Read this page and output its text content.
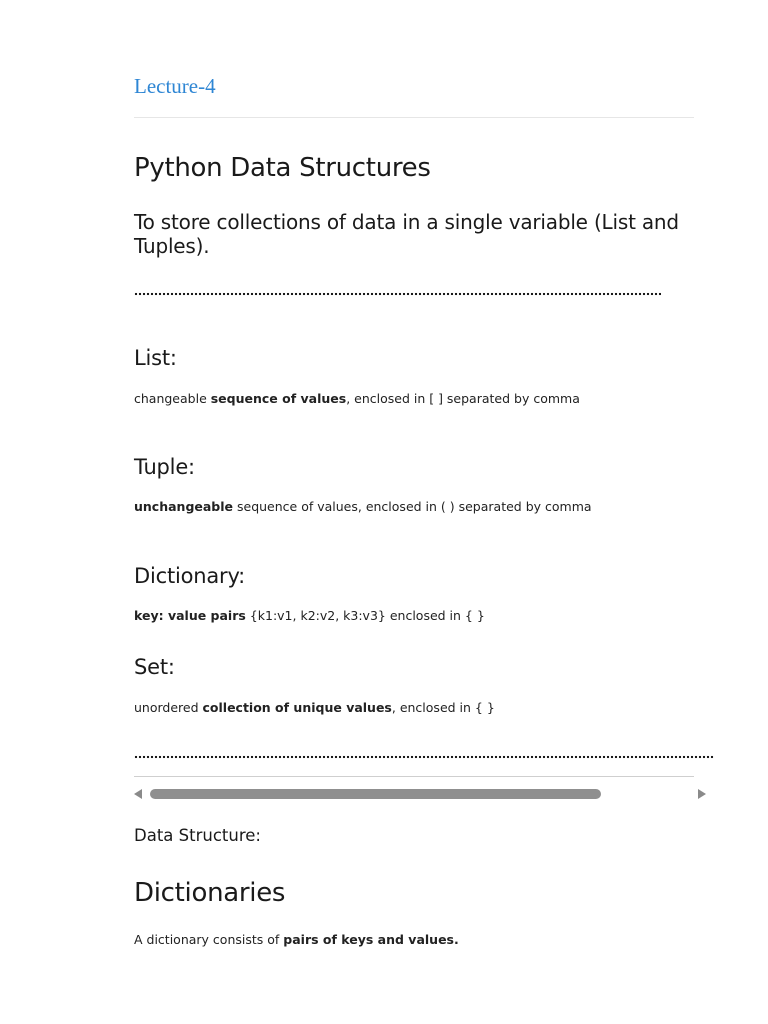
Lecture-4
Python Data Structures
To store collections of data in a single variable (List and Tuples).
List:
changeable sequence of values, enclosed in [ ] separated by comma
Tuple:
unchangeable sequence of values, enclosed in ( ) separated by comma
Dictionary:
key: value pairs {k1:v1, k2:v2, k3:v3} enclosed in { }
Set:
unordered collection of unique values, enclosed in { }
Data Structure:
Dictionaries
A dictionary consists of pairs of keys and values.
